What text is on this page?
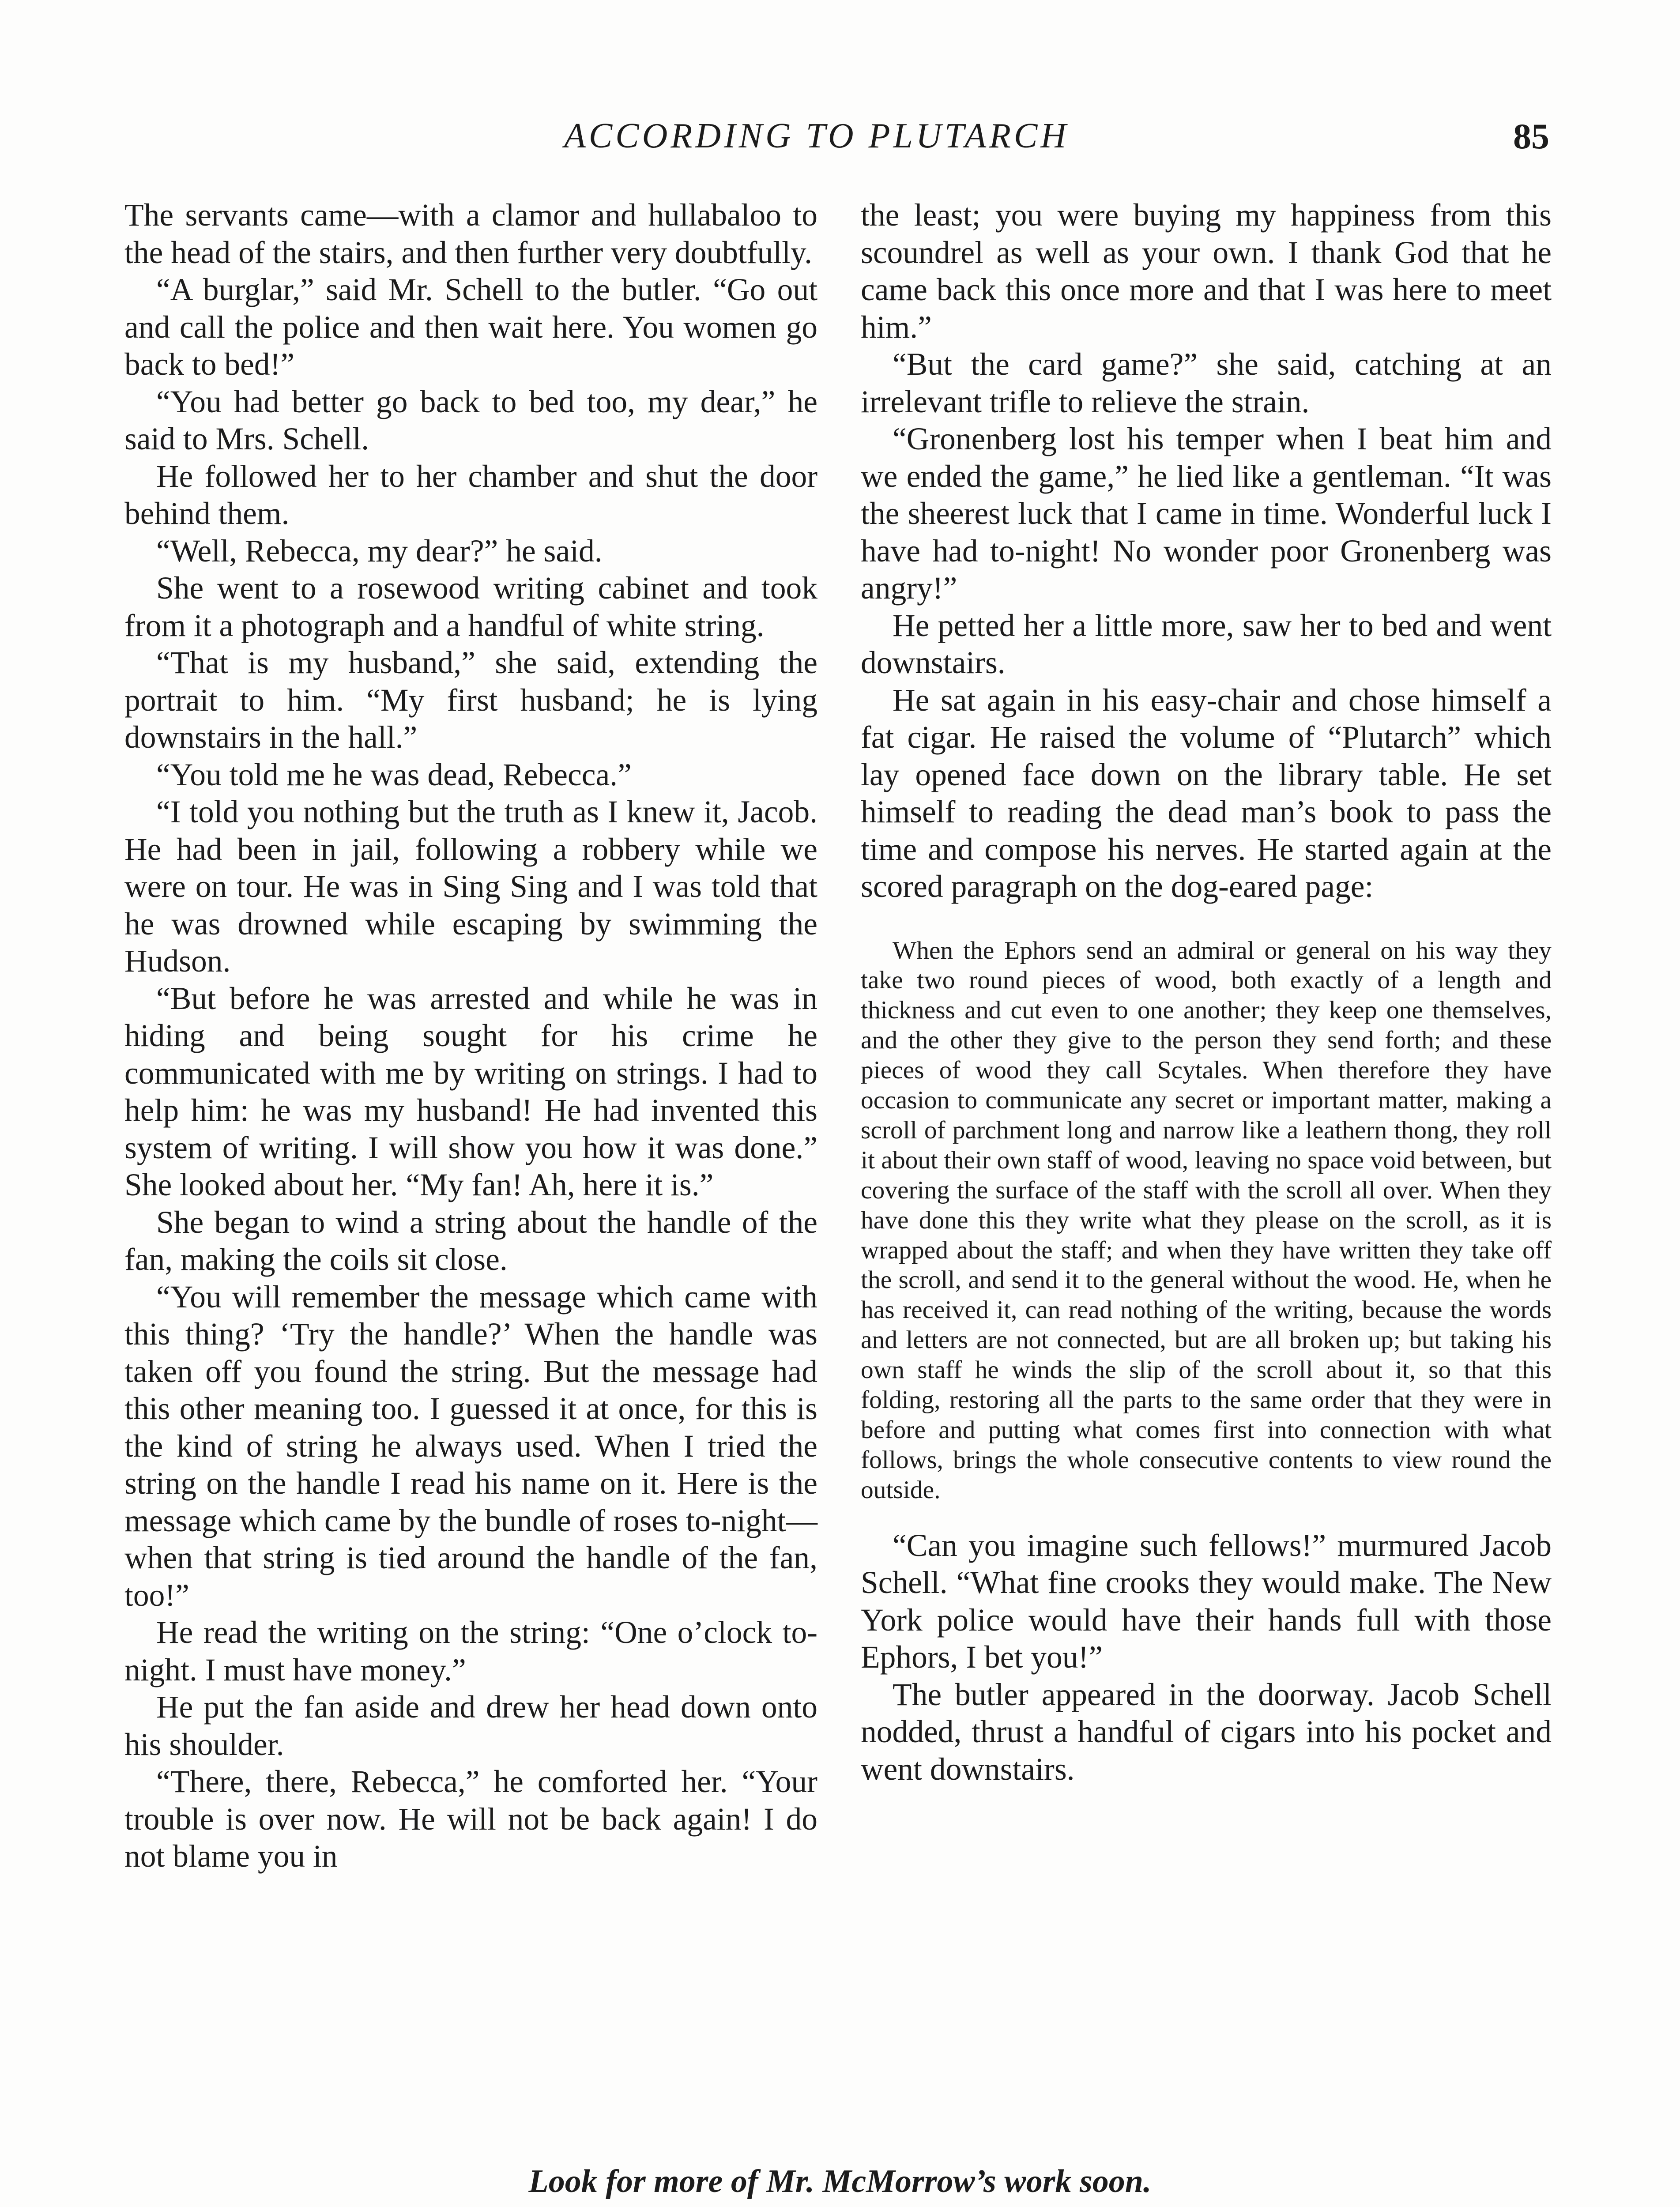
ACCORDING TO PLUTARCH	85

The servants came—with a clamor and hullabaloo to the head of the stairs, and then further very doubtfully.

“A burglar,” said Mr. Schell to the butler. “Go out and call the police and then wait here. You women go back to bed!”

“You had better go back to bed too, my dear,” he said to Mrs. Schell.

He followed her to her chamber and shut the door behind them.

“Well, Rebecca, my dear?” he said.

She went to a rosewood writing cabinet and took from it a photograph and a handful of white string.

“That is my husband,” she said, extending the portrait to him. “My first husband; he is lying downstairs in the hall.”

“You told me he was dead, Rebecca.”

“I told you nothing but the truth as I knew it, Jacob. He had been in jail, following a robbery while we were on tour. He was in Sing Sing and I was told that he was drowned while escaping by swimming the Hudson.

“But before he was arrested and while he was in hiding and being sought for his crime he communicated with me by writing on strings. I had to help him: he was my husband! He had invented this system of writing. I will show you how it was done.” She looked about her. “My fan! Ah, here it is.”

She began to wind a string about the handle of the fan, making the coils sit close.

“You will remember the message which came with this thing? ‘Try the handle?’ When the handle was taken off you found the string. But the message had this other meaning too. I guessed it at once, for this is the kind of string he always used. When I tried the string on the handle I read his name on it. Here is the message which came by the bundle of roses to-night—when that string is tied around the handle of the fan, too!”

He read the writing on the string: “One o’clock to-night. I must have money.”

He put the fan aside and drew her head down onto his shoulder.

“There, there, Rebecca,” he comforted her. “Your trouble is over now. He will not be back again! I do not blame you in

the least; you were buying my happiness from this scoundrel as well as your own. I thank God that he came back this once more and that I was here to meet him.”

“But the card game?” she said, catching at an irrelevant trifle to relieve the strain.

“Gronenberg lost his temper when I beat him and we ended the game,” he lied like a gentleman. “It was the sheerest luck that I came in time. Wonderful luck I have had to-night! No wonder poor Gronenberg was angry!”

He petted her a little more, saw her to bed and went downstairs.

He sat again in his easy-chair and chose himself a fat cigar. He raised the volume of “Plutarch” which lay opened face down on the library table. He set himself to reading the dead man’s book to pass the time and compose his nerves. He started again at the scored paragraph on the dog-eared page:

When the Ephors send an admiral or general on his way they take two round pieces of wood, both exactly of a length and thickness and cut even to one another; they keep one themselves, and the other they give to the person they send forth; and these pieces of wood they call Scytales. When therefore they have occasion to communicate any secret or important matter, making a scroll of parchment long and narrow like a leathern thong, they roll it about their own staff of wood, leaving no space void between, but covering the surface of the staff with the scroll all over. When they have done this they write what they please on the scroll, as it is wrapped about the staff; and when they have written they take off the scroll, and send it to the general without the wood. He, when he has received it, can read nothing of the writing, because the words and letters are not connected, but are all broken up; but taking his own staff he winds the slip of the scroll about it, so that this folding, restoring all the parts to the same order that they were in before and putting what comes first into connection with what follows, brings the whole consecutive contents to view round the outside.

“Can you imagine such fellows!” murmured Jacob Schell. “What fine crooks they would make. The New York police would have their hands full with those Ephors, I bet you!”

The butler appeared in the doorway. Jacob Schell nodded, thrust a handful of cigars into his pocket and went downstairs.

Look for more of Mr. McMorrow’s work soon.
